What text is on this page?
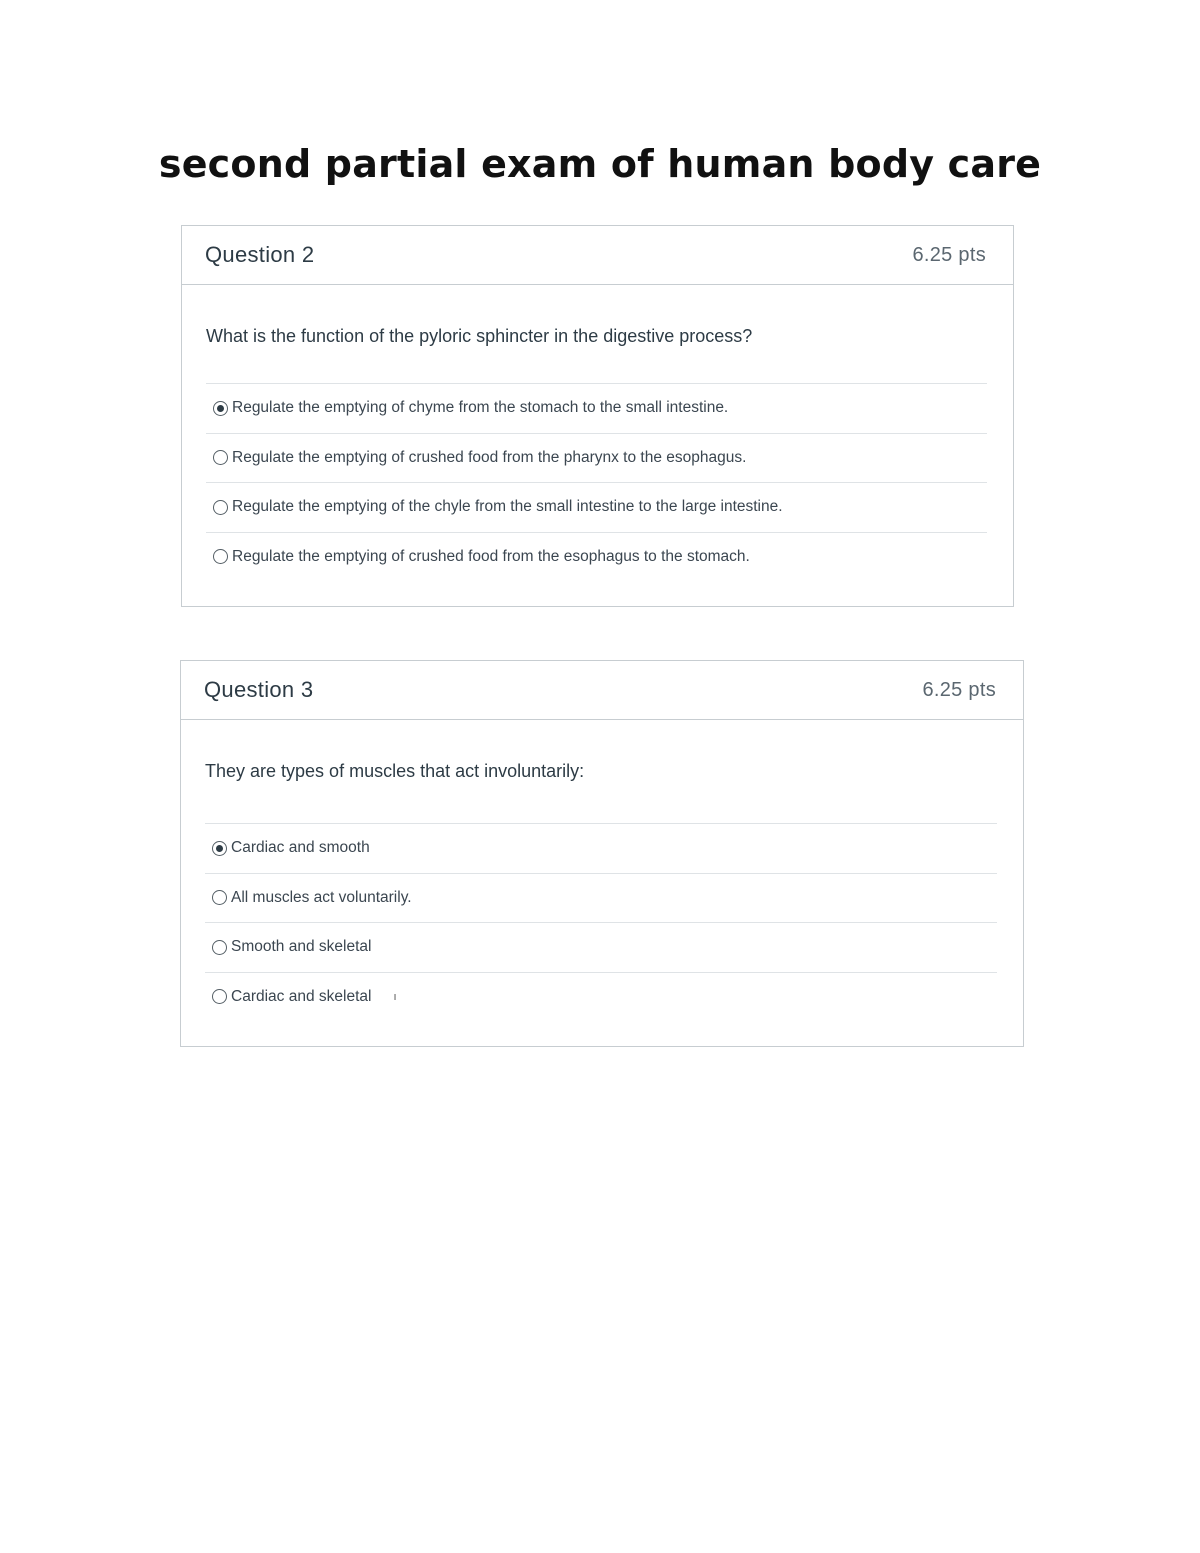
second partial exam of human body care
Question 2	6.25 pts

What is the function of the pyloric sphincter in the digestive process?

Regulate the emptying of chyme from the stomach to the small intestine.
Regulate the emptying of crushed food from the pharynx to the esophagus.
Regulate the emptying of the chyle from the small intestine to the large intestine.
Regulate the emptying of crushed food from the esophagus to the stomach.
Question 3	6.25 pts

They are types of muscles that act involuntarily:

Cardiac and smooth
All muscles act voluntarily.
Smooth and skeletal
Cardiac and skeletal ı
